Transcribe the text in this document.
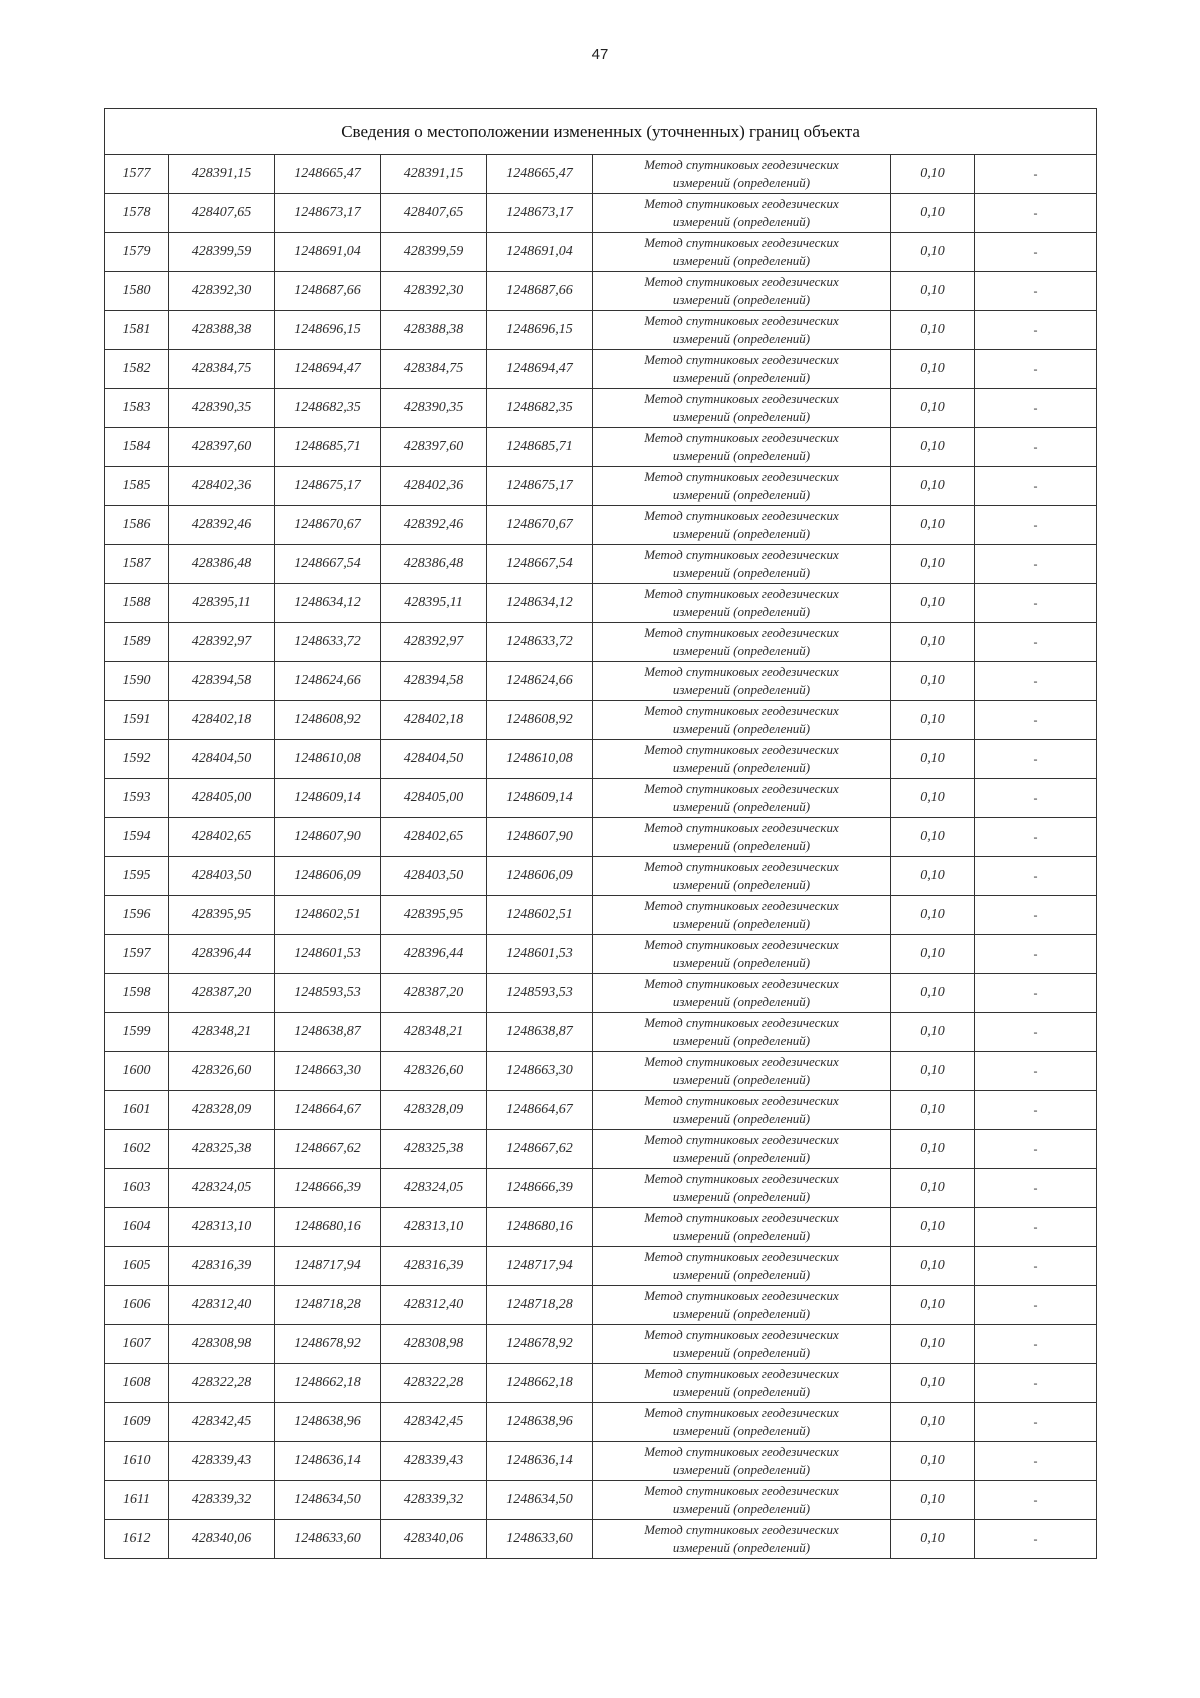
47
Сведения о местоположении измененных (уточненных) границ объекта							
1577	428391,15	1248665,47	428391,15	1248665,47	Метод спутниковых геодезических
измерений (определений)	0,10	-
1578	428407,65	1248673,17	428407,65	1248673,17	Метод спутниковых геодезических
измерений (определений)	0,10	-
1579	428399,59	1248691,04	428399,59	1248691,04	Метод спутниковых геодезических
измерений (определений)	0,10	-
1580	428392,30	1248687,66	428392,30	1248687,66	Метод спутниковых геодезических
измерений (определений)	0,10	-
1581	428388,38	1248696,15	428388,38	1248696,15	Метод спутниковых геодезических
измерений (определений)	0,10	-
1582	428384,75	1248694,47	428384,75	1248694,47	Метод спутниковых геодезических
измерений (определений)	0,10	-
1583	428390,35	1248682,35	428390,35	1248682,35	Метод спутниковых геодезических
измерений (определений)	0,10	-
1584	428397,60	1248685,71	428397,60	1248685,71	Метод спутниковых геодезических
измерений (определений)	0,10	-
1585	428402,36	1248675,17	428402,36	1248675,17	Метод спутниковых геодезических
измерений (определений)	0,10	-
1586	428392,46	1248670,67	428392,46	1248670,67	Метод спутниковых геодезических
измерений (определений)	0,10	-
1587	428386,48	1248667,54	428386,48	1248667,54	Метод спутниковых геодезических
измерений (определений)	0,10	-
1588	428395,11	1248634,12	428395,11	1248634,12	Метод спутниковых геодезических
измерений (определений)	0,10	-
1589	428392,97	1248633,72	428392,97	1248633,72	Метод спутниковых геодезических
измерений (определений)	0,10	-
1590	428394,58	1248624,66	428394,58	1248624,66	Метод спутниковых геодезических
измерений (определений)	0,10	-
1591	428402,18	1248608,92	428402,18	1248608,92	Метод спутниковых геодезических
измерений (определений)	0,10	-
1592	428404,50	1248610,08	428404,50	1248610,08	Метод спутниковых геодезических
измерений (определений)	0,10	-
1593	428405,00	1248609,14	428405,00	1248609,14	Метод спутниковых геодезических
измерений (определений)	0,10	-
1594	428402,65	1248607,90	428402,65	1248607,90	Метод спутниковых геодезических
измерений (определений)	0,10	-
1595	428403,50	1248606,09	428403,50	1248606,09	Метод спутниковых геодезических
измерений (определений)	0,10	-
1596	428395,95	1248602,51	428395,95	1248602,51	Метод спутниковых геодезических
измерений (определений)	0,10	-
1597	428396,44	1248601,53	428396,44	1248601,53	Метод спутниковых геодезических
измерений (определений)	0,10	-
1598	428387,20	1248593,53	428387,20	1248593,53	Метод спутниковых геодезических
измерений (определений)	0,10	-
1599	428348,21	1248638,87	428348,21	1248638,87	Метод спутниковых геодезических
измерений (определений)	0,10	-
1600	428326,60	1248663,30	428326,60	1248663,30	Метод спутниковых геодезических
измерений (определений)	0,10	-
1601	428328,09	1248664,67	428328,09	1248664,67	Метод спутниковых геодезических
измерений (определений)	0,10	-
1602	428325,38	1248667,62	428325,38	1248667,62	Метод спутниковых геодезических
измерений (определений)	0,10	-
1603	428324,05	1248666,39	428324,05	1248666,39	Метод спутниковых геодезических
измерений (определений)	0,10	-
1604	428313,10	1248680,16	428313,10	1248680,16	Метод спутниковых геодезических
измерений (определений)	0,10	-
1605	428316,39	1248717,94	428316,39	1248717,94	Метод спутниковых геодезических
измерений (определений)	0,10	-
1606	428312,40	1248718,28	428312,40	1248718,28	Метод спутниковых геодезических
измерений (определений)	0,10	-
1607	428308,98	1248678,92	428308,98	1248678,92	Метод спутниковых геодезических
измерений (определений)	0,10	-
1608	428322,28	1248662,18	428322,28	1248662,18	Метод спутниковых геодезических
измерений (определений)	0,10	-
1609	428342,45	1248638,96	428342,45	1248638,96	Метод спутниковых геодезических
измерений (определений)	0,10	-
1610	428339,43	1248636,14	428339,43	1248636,14	Метод спутниковых геодезических
измерений (определений)	0,10	-
1611	428339,32	1248634,50	428339,32	1248634,50	Метод спутниковых геодезических
измерений (определений)	0,10	-
1612	428340,06	1248633,60	428340,06	1248633,60	Метод спутниковых геодезических
измерений (определений)	0,10	-
